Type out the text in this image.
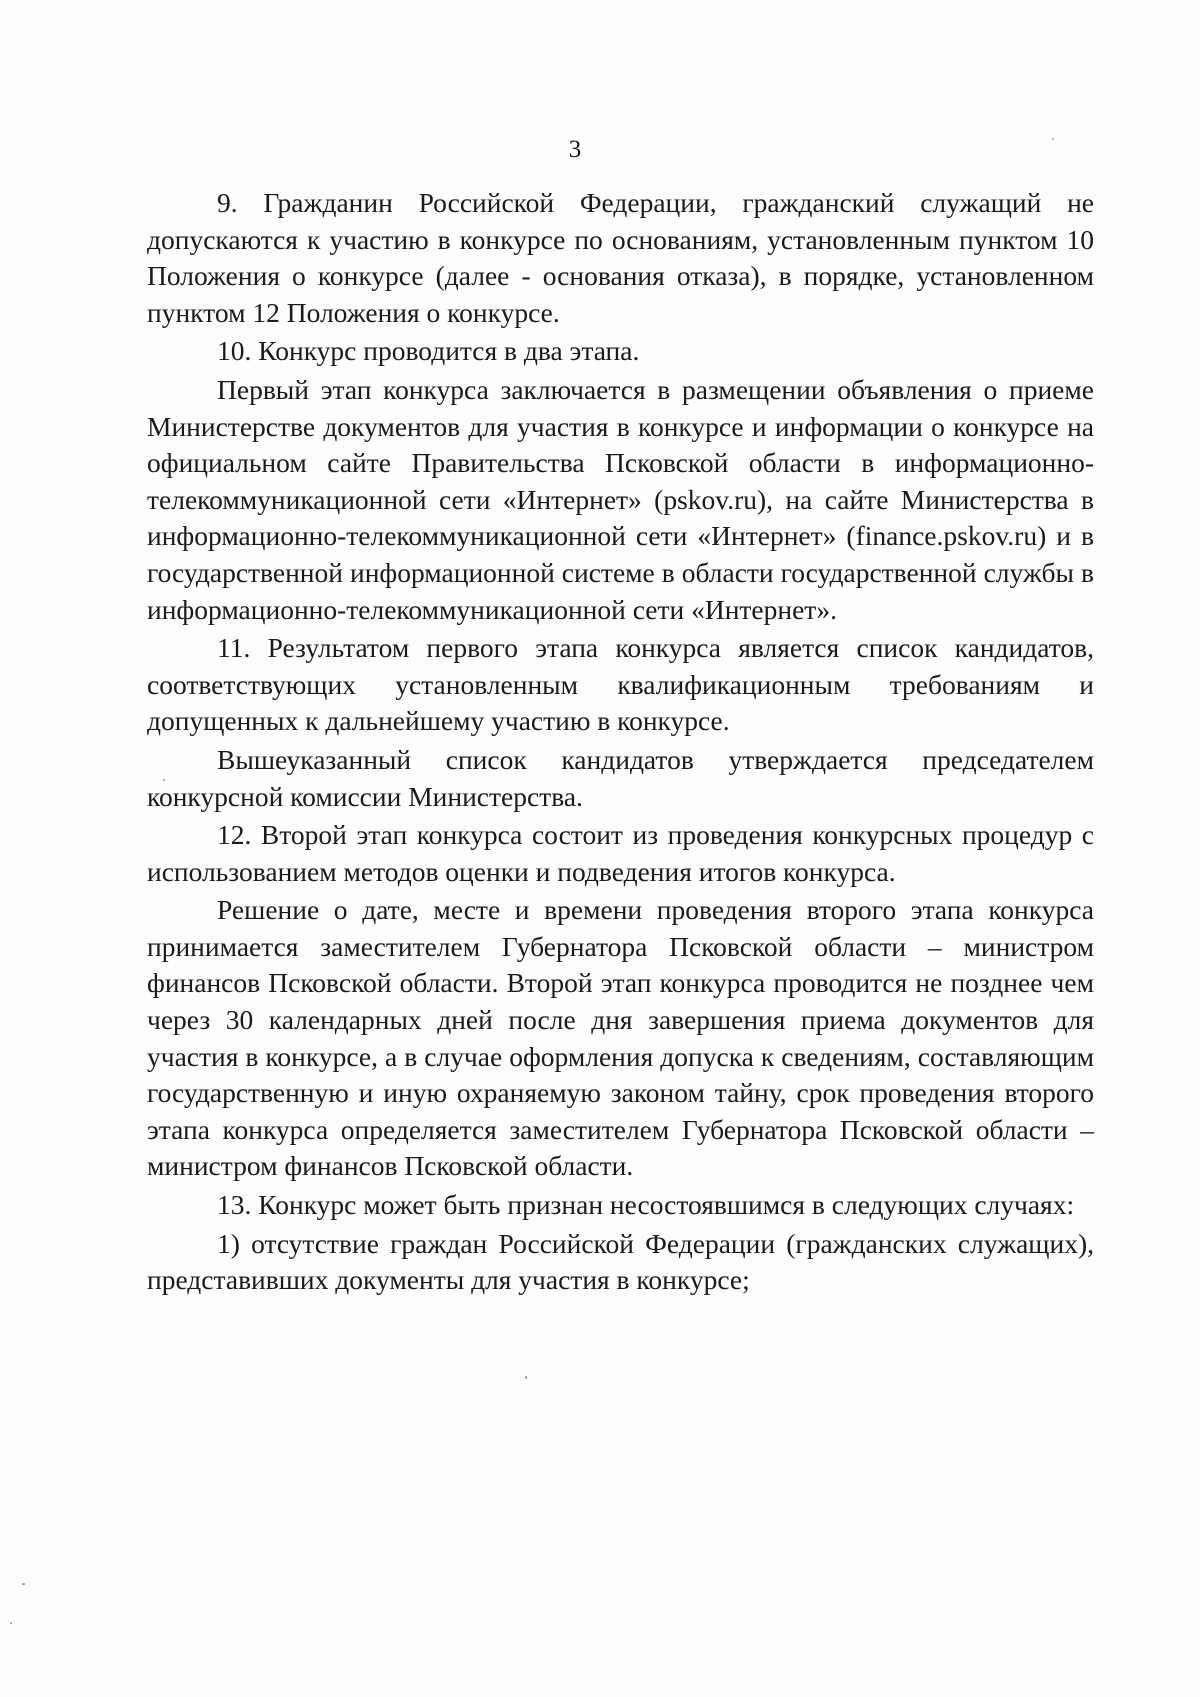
3

9. Гражданин Российской Федерации, гражданский служащий не допускаются к участию в конкурсе по основаниям, установленным пунктом 10 Положения о конкурсе (далее - основания отказа), в порядке, установленном пунктом 12 Положения о конкурсе.

10. Конкурс проводится в два этапа.

Первый этап конкурса заключается в размещении объявления о приеме Министерстве документов для участия в конкурсе и информации о конкурсе на официальном сайте Правительства Псковской области в информационно-телекоммуникационной сети «Интернет» (pskov.ru), на сайте Министерства в информационно-телекоммуникационной сети «Интернет» (finance.pskov.ru) и в государственной информационной системе в области государственной службы в информационно-телекоммуникационной сети «Интернет».

11. Результатом первого этапа конкурса является список кандидатов, соответствующих установленным квалификационным требованиям и допущенных к дальнейшему участию в конкурсе.

Вышеуказанный список кандидатов утверждается председателем конкурсной комиссии Министерства.

12. Второй этап конкурса состоит из проведения конкурсных процедур с использованием методов оценки и подведения итогов конкурса.

Решение о дате, месте и времени проведения второго этапа конкурса принимается заместителем Губернатора Псковской области – министром финансов Псковской области. Второй этап конкурса проводится не позднее чем через 30 календарных дней после дня завершения приема документов для участия в конкурсе, а в случае оформления допуска к сведениям, составляющим государственную и иную охраняемую законом тайну, срок проведения второго этапа конкурса определяется заместителем Губернатора Псковской области – министром финансов Псковской области.

13. Конкурс может быть признан несостоявшимся в следующих случаях:

1) отсутствие граждан Российской Федерации (гражданских служащих), представивших документы для участия в конкурсе;
